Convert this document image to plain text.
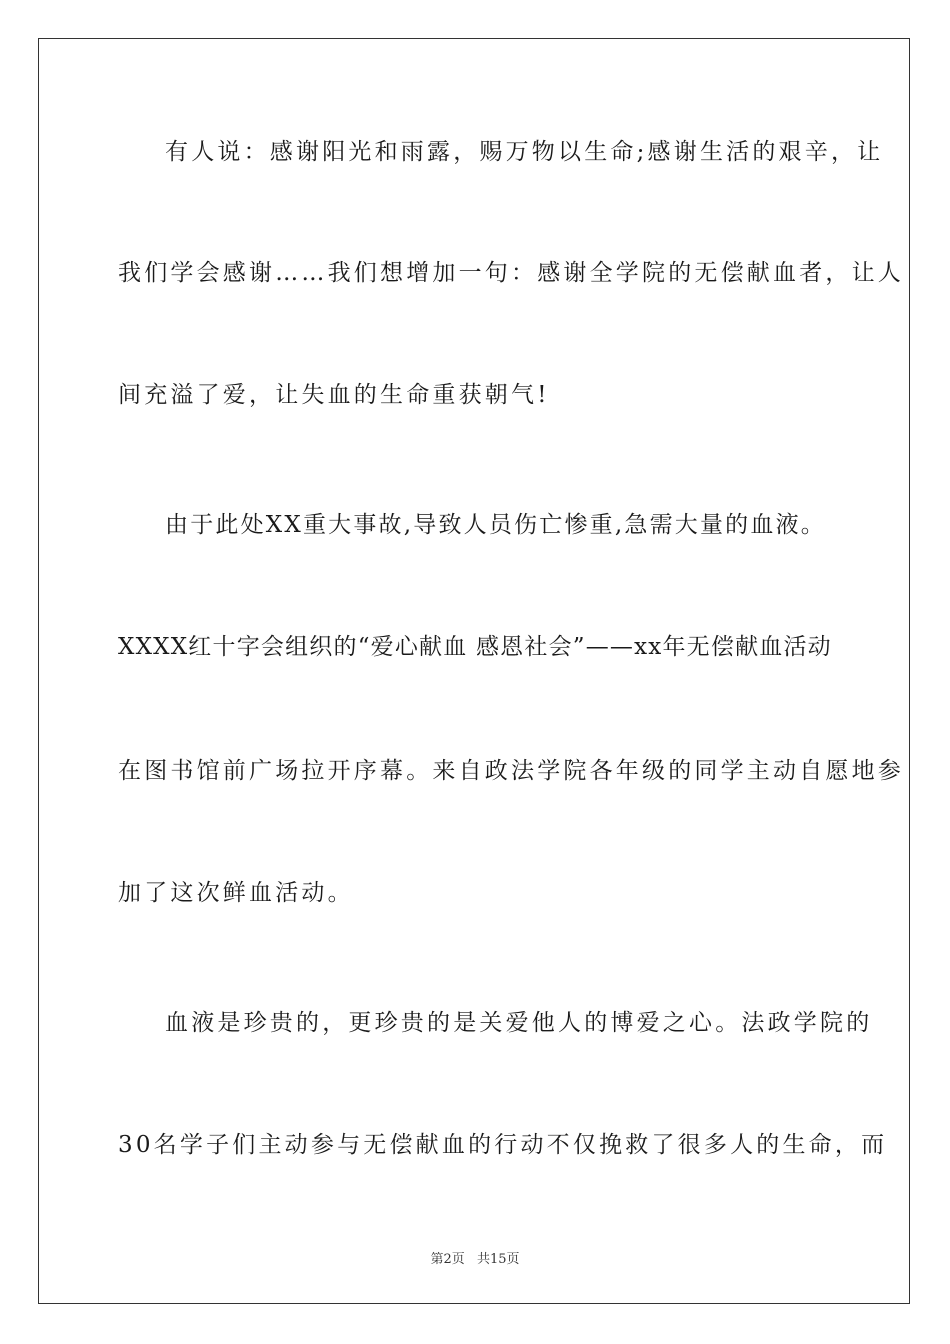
有人说：感谢阳光和雨露，赐万物以生命;感谢生活的艰辛，让
我们学会感谢……我们想增加一句：感谢全学院的无偿献血者，让人
间充溢了爱，让失血的生命重获朝气!
由于此处XX重大事故,导致人员伤亡惨重,急需大量的血液。
XXXX红十字会组织的“爱心献血 感恩社会”——xx年无偿献血活动
在图书馆前广场拉开序幕。来自政法学院各年级的同学主动自愿地参
加了这次鲜血活动。
血液是珍贵的，更珍贵的是关爱他人的博爱之心。法政学院的
30名学子们主动参与无偿献血的行动不仅挽救了很多人的生命，而
第2页 共15页
